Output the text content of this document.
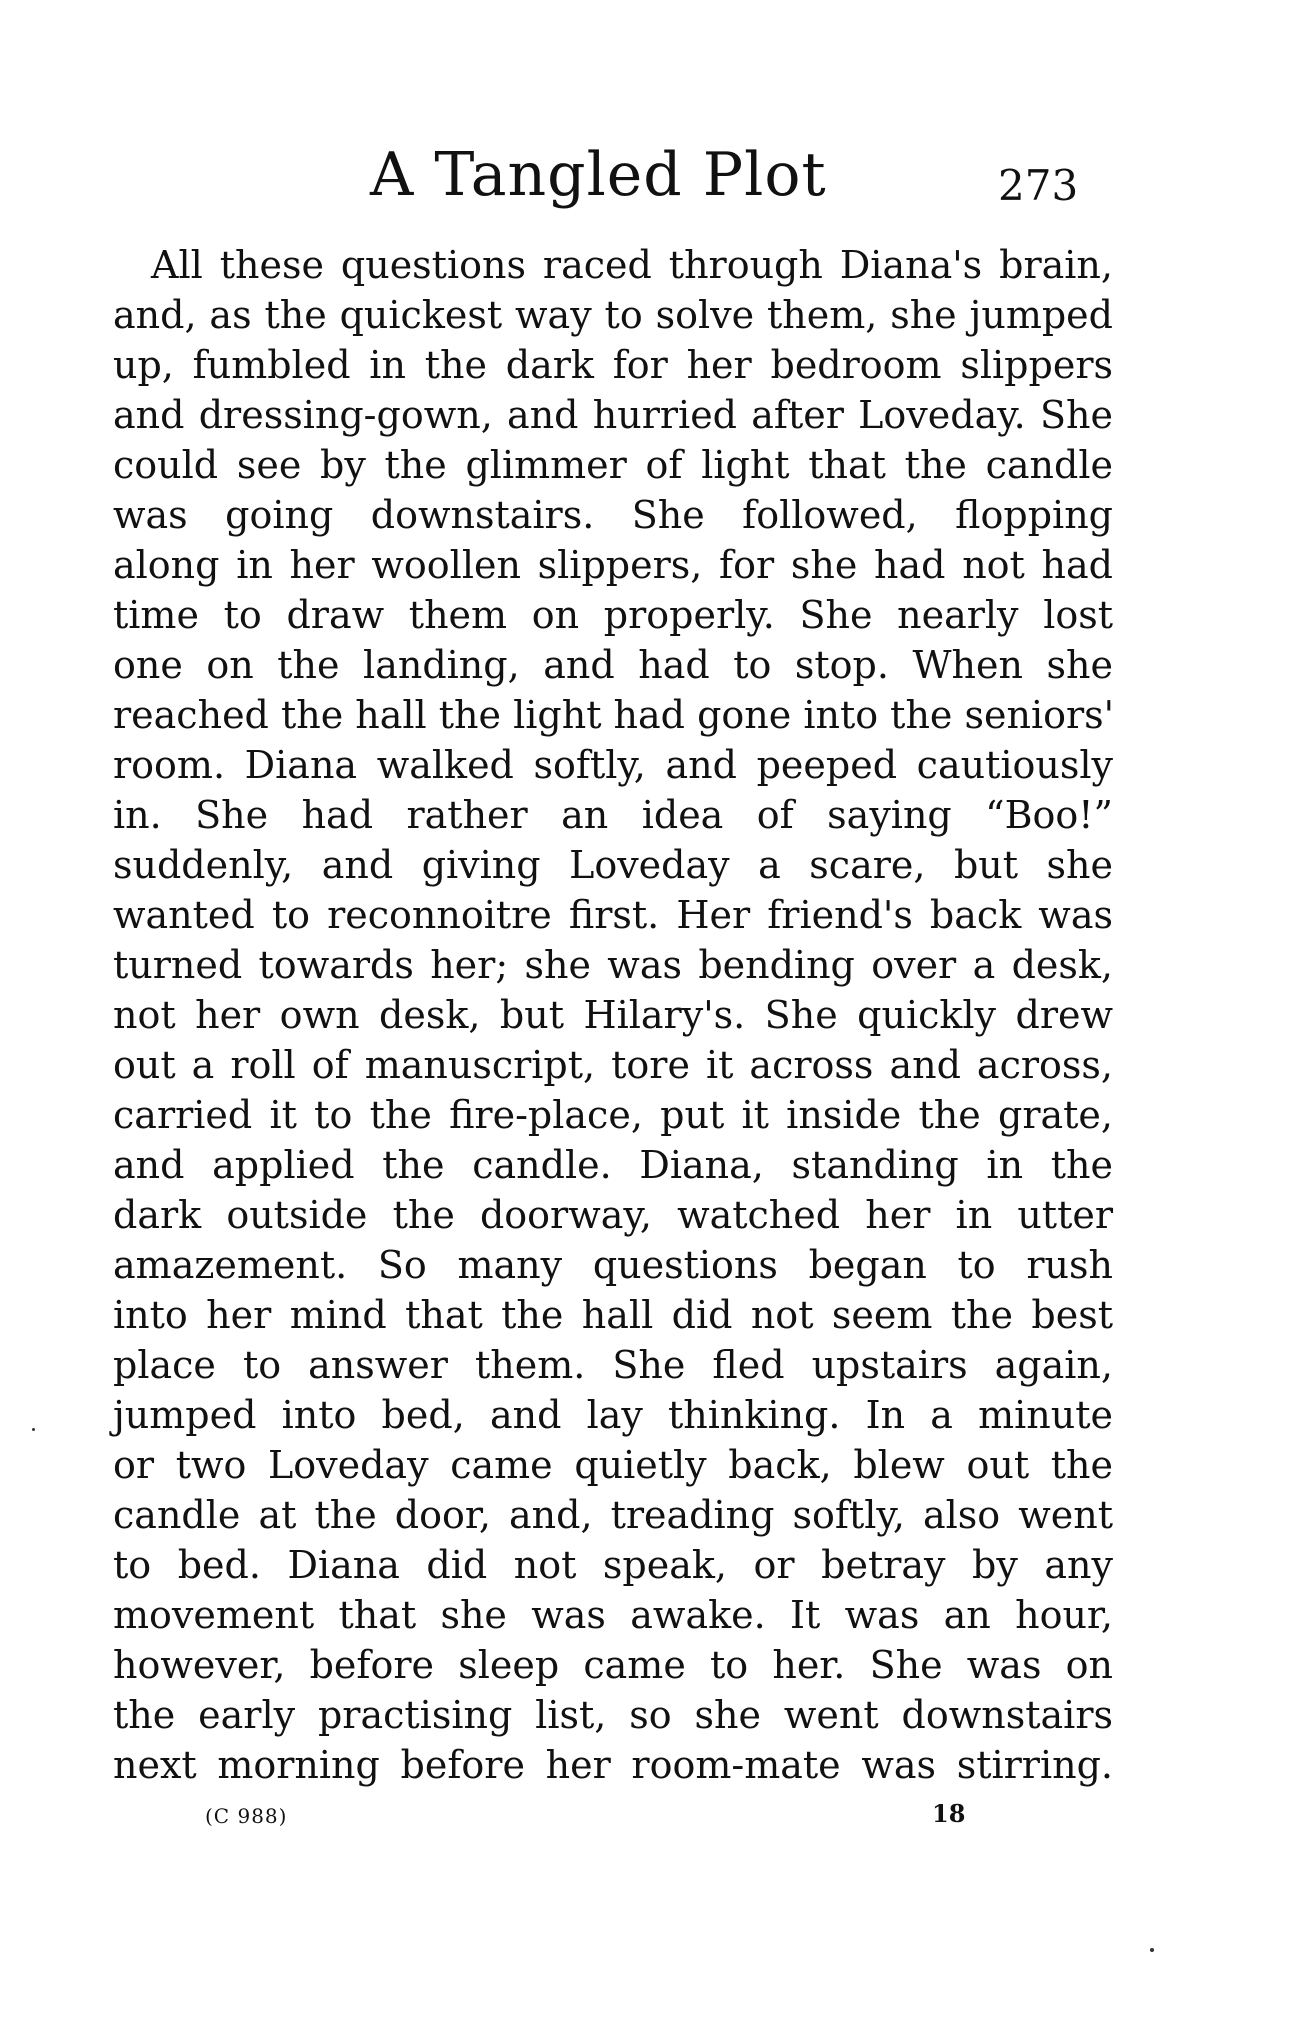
A Tangled Plot	273
All these questions raced through Diana's brain,
and, as the quickest way to solve them, she jumped
up, fumbled in the dark for her bedroom slippers
and dressing-gown, and hurried after Loveday. She
could see by the glimmer of light that the candle
was going downstairs. She followed, flopping
along in her woollen slippers, for she had not had
time to draw them on properly. She nearly lost
one on the landing, and had to stop. When she
reached the hall the light had gone into the seniors'
room. Diana walked softly, and peeped cautiously
in. She had rather an idea of saying “Boo!”
suddenly, and giving Loveday a scare, but she
wanted to reconnoitre first. Her friend's back was
turned towards her; she was bending over a desk,
not her own desk, but Hilary's. She quickly drew
out a roll of manuscript, tore it across and across,
carried it to the fire-place, put it inside the grate,
and applied the candle. Diana, standing in the
dark outside the doorway, watched her in utter
amazement. So many questions began to rush
into her mind that the hall did not seem the best
place to answer them. She fled upstairs again,
jumped into bed, and lay thinking. In a minute
or two Loveday came quietly back, blew out the
candle at the door, and, treading softly, also went
to bed. Diana did not speak, or betray by any
movement that she was awake. It was an hour,
however, before sleep came to her. She was on
the early practising list, so she went downstairs
next morning before her room-mate was stirring.
(C 988)	18
